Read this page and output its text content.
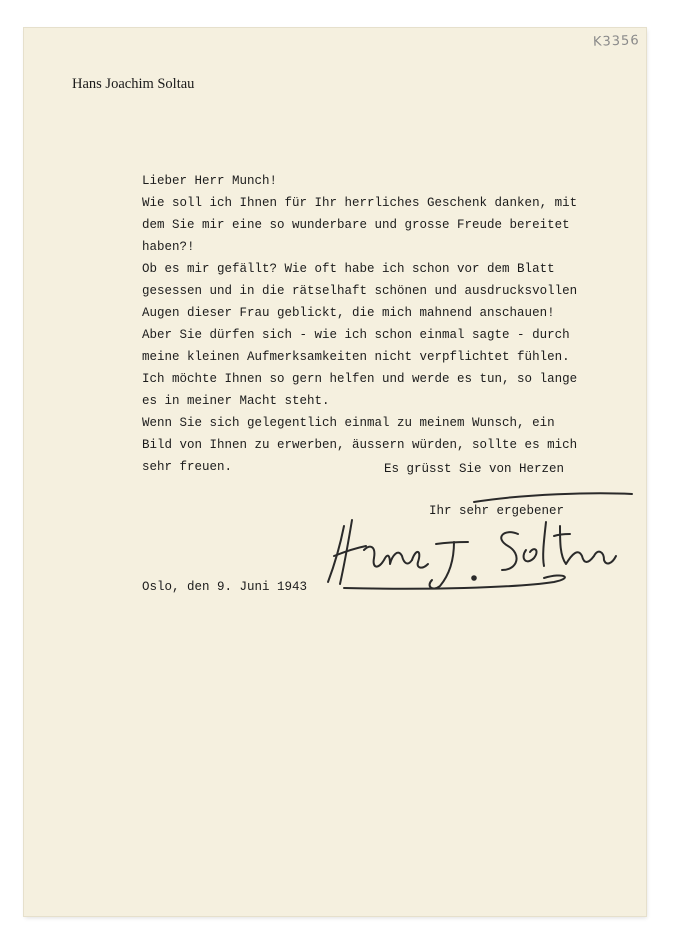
K3356
Hans Joachim Soltau
Lieber Herr Munch!
Wie soll ich Ihnen für Ihr herrliches Geschenk danken, mit
dem Sie mir eine so wunderbare und grosse Freude bereitet
haben?!
Ob es mir gefällt? Wie oft habe ich schon vor dem Blatt
gesessen und in die rätselhaft schönen und ausdrucksvollen
Augen dieser Frau geblickt, die mich mahnend anschauen!
Aber Sie dürfen sich - wie ich schon einmal sagte - durch
meine kleinen Aufmerksamkeiten nicht verpflichtet fühlen.
Ich möchte Ihnen so gern helfen und werde es tun, so lange
es in meiner Macht steht.
Wenn Sie sich gelegentlich einmal zu meinem Wunsch, ein
Bild von Ihnen zu erwerben, äussern würden, sollte es mich
sehr freuen.	Es grüsst Sie von Herzen
Ihr sehr ergebener
Oslo, den 9. Juni 1943
